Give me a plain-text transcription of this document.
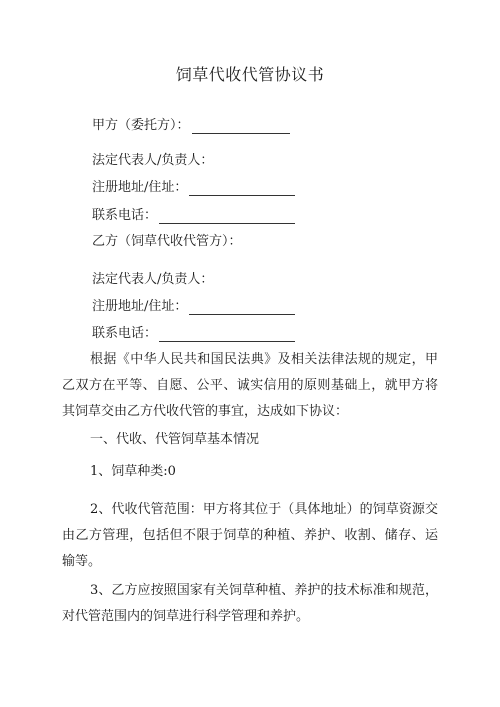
饲草代收代管协议书
甲方（委托方）：
法定代表人/负责人：
注册地址/住址：
联系电话：
乙方（饲草代收代管方）：
法定代表人/负责人：
注册地址/住址：
联系电话：

根据《中华人民共和国民法典》及相关法律法规的规定，甲乙双方在平等、自愿、公平、诚实信用的原则基础上，就甲方将其饲草交由乙方代收代管的事宜，达成如下协议：

一、代收、代管饲草基本情况

1、饲草种类:0

2、代收代管范围：甲方将其位于（具体地址）的饲草资源交由乙方管理，包括但不限于饲草的种植、养护、收割、储存、运输等。

3、乙方应按照国家有关饲草种植、养护的技术标准和规范，对代管范围内的饲草进行科学管理和养护。
